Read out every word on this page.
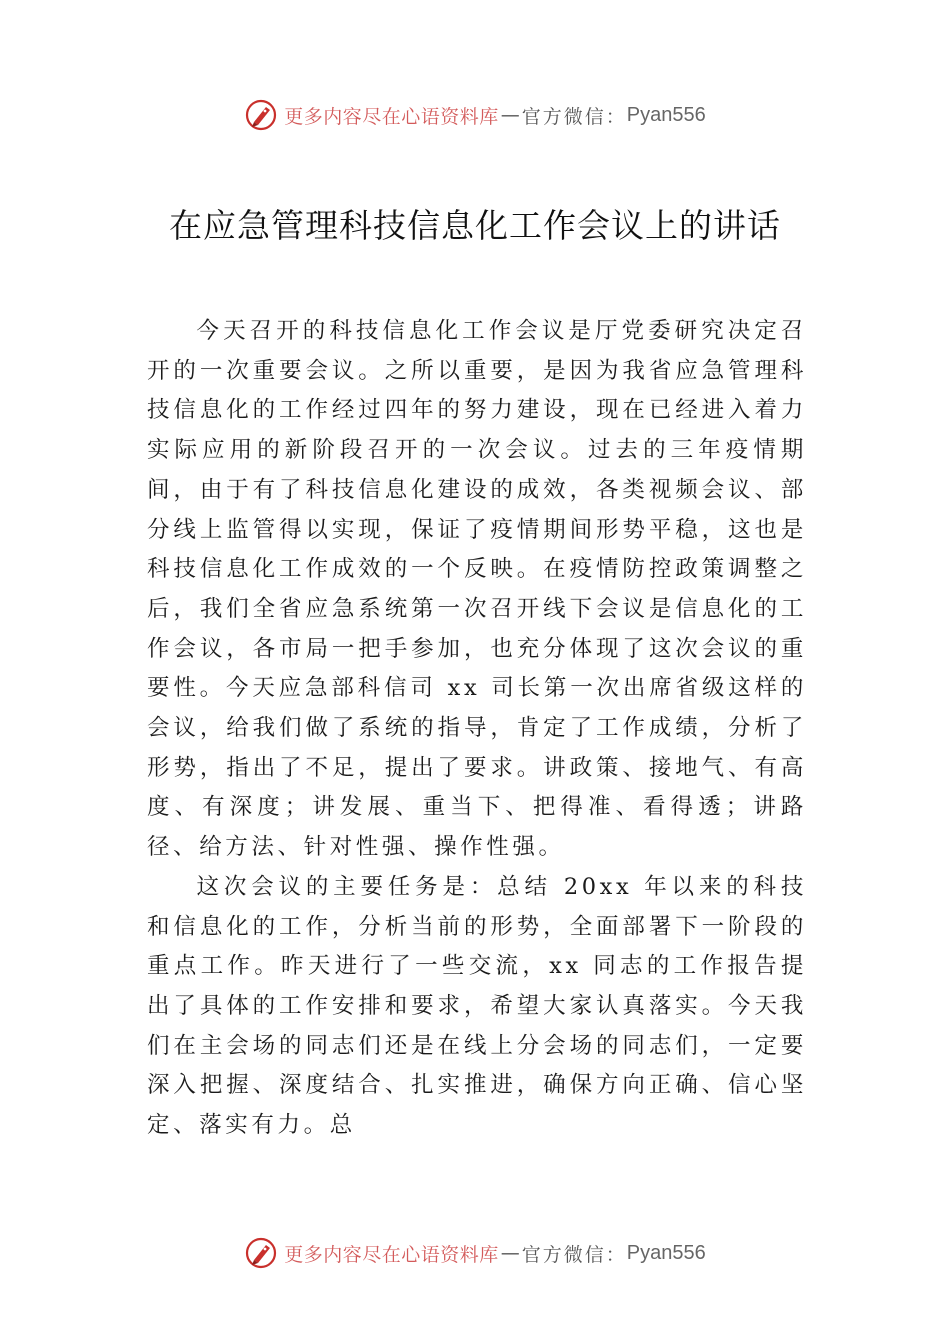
更多内容尽在心语资料库 — 官方微信： Pyan556
在应急管理科技信息化工作会议上的讲话

今天召开的科技信息化工作会议是厅党委研究决定召开的一次重要会议。之所以重要，是因为我省应急管理科技信息化的工作经过四年的努力建设，现在已经进入着力实际应用的新阶段召开的一次会议。过去的三年疫情期间，由于有了科技信息化建设的成效，各类视频会议、部分线上监管得以实现，保证了疫情期间形势平稳，这也是科技信息化工作成效的一个反映。在疫情防控政策调整之后，我们全省应急系统第一次召开线下会议是信息化的工作会议，各市局一把手参加，也充分体现了这次会议的重要性。今天应急部科信司 xx 司长第一次出席省级这样的会议，给我们做了系统的指导，肯定了工作成绩，分析了形势，指出了不足，提出了要求。讲政策、接地气、有高度、有深度；讲发展、重当下、把得准、看得透；讲路径、给方法、针对性强、操作性强。

这次会议的主要任务是：总结 20xx 年以来的科技和信息化的工作，分析当前的形势，全面部署下一阶段的重点工作。昨天进行了一些交流，xx 同志的工作报告提出了具体的工作安排和要求，希望大家认真落实。今天我们在主会场的同志们还是在线上分会场的同志们，一定要深入把握、深度结合、扎实推进，确保方向正确、信心坚定、落实有力。总

更多内容尽在心语资料库 — 官方微信： Pyan556
